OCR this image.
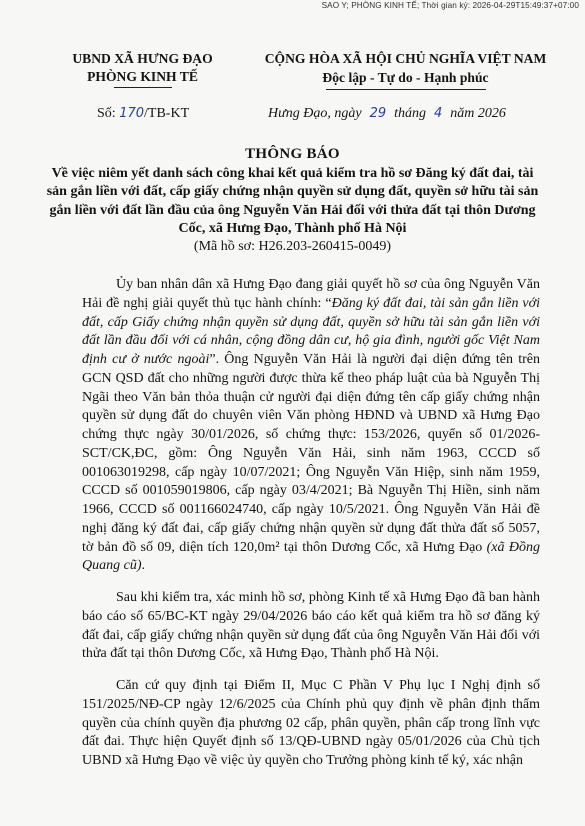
SAO Y; PHÒNG KINH TẾ; Thời gian ký: 2026-04-29T15:49:37+07:00
UBND XÃ HƯNG ĐẠO
PHÒNG KINH TẾ
CỘNG HÒA XÃ HỘI CHỦ NGHĨA VIỆT NAM
Độc lập - Tự do - Hạnh phúc
Số: 170/TB-KT	Hưng Đạo, ngày 29 tháng 4 năm 2026
THÔNG BÁO
Về việc niêm yết danh sách công khai kết quả kiểm tra hồ sơ Đăng ký đất đai, tài sản gắn liền với đất, cấp giấy chứng nhận quyền sử dụng đất, quyền sở hữu tài sản gắn liền với đất lần đầu của ông Nguyễn Văn Hải đối với thửa đất tại thôn Dương Cốc, xã Hưng Đạo, Thành phố Hà Nội
(Mã hồ sơ: H26.203-260415-0049)

Ủy ban nhân dân xã Hưng Đạo đang giải quyết hồ sơ của ông Nguyễn Văn Hải đề nghị giải quyết thủ tục hành chính: “Đăng ký đất đai, tài sản gắn liền với đất, cấp Giấy chứng nhận quyền sử dụng đất, quyền sở hữu tài sản gắn liền với đất lần đầu đối với cá nhân, cộng đồng dân cư, hộ gia đình, người gốc Việt Nam định cư ở nước ngoài”. Ông Nguyễn Văn Hải là người đại diện đứng tên trên GCN QSD đất cho những người được thừa kế theo pháp luật của bà Nguyễn Thị Ngãi theo Văn bản thỏa thuận cử người đại diện đứng tên cấp giấy chứng nhận quyền sử dụng đất do chuyên viên Văn phòng HĐND và UBND xã Hưng Đạo chứng thực ngày 30/01/2026, số chứng thực: 153/2026, quyển số 01/2026-SCT/CK,ĐC, gồm: Ông Nguyễn Văn Hải, sinh năm 1963, CCCD số 001063019298, cấp ngày 10/07/2021; Ông Nguyễn Văn Hiệp, sinh năm 1959, CCCD số 001059019806, cấp ngày 03/4/2021; Bà Nguyễn Thị Hiền, sinh năm 1966, CCCD số 001166024740, cấp ngày 10/5/2021. Ông Nguyễn Văn Hải đề nghị đăng ký đất đai, cấp giấy chứng nhận quyền sử dụng đất thửa đất số 5057, tờ bản đồ số 09, diện tích 120,0m² tại thôn Dương Cốc, xã Hưng Đạo (xã Đồng Quang cũ).

Sau khi kiểm tra, xác minh hồ sơ, phòng Kinh tế xã Hưng Đạo đã ban hành báo cáo số 65/BC-KT ngày 29/04/2026 báo cáo kết quả kiểm tra hồ sơ đăng ký đất đai, cấp giấy chứng nhận quyền sử dụng đất của ông Nguyễn Văn Hải đối với thửa đất tại thôn Dương Cốc, xã Hưng Đạo, Thành phố Hà Nội.

Căn cứ quy định tại Điểm II, Mục C Phần V Phụ lục I Nghị định số 151/2025/NĐ-CP ngày 12/6/2025 của Chính phủ quy định về phân định thẩm quyền của chính quyền địa phương 02 cấp, phân quyền, phân cấp trong lĩnh vực đất đai. Thực hiện Quyết định số 13/QĐ-UBND ngày 05/01/2026 của Chủ tịch UBND xã Hưng Đạo về việc ủy quyền cho Trưởng phòng kinh tế ký, xác nhận
